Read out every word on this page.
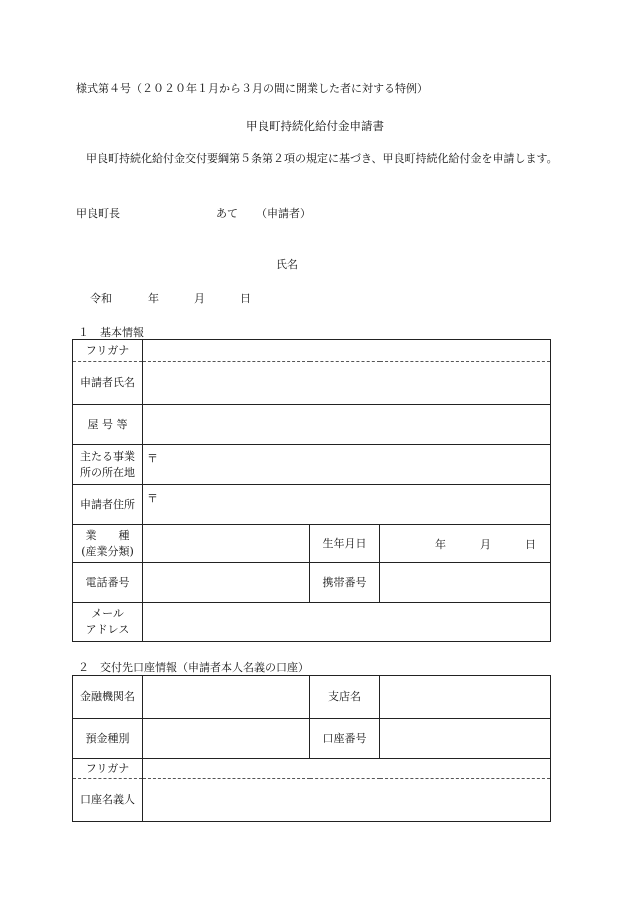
様式第４号（２０２０年１月から３月の間に開業した者に対する特例）
甲良町持続化給付金申請書
甲良町持続化給付金交付要綱第５条第２項の規定に基づき、甲良町持続化給付金を申請します。
甲良町長	あて （申請者）
氏名
令和	年	月	日
１　基本情報
フリガナ			
申請者氏名			
屋 号 等			
主たる事業
所の所在地	〒		

申請者住所	〒		

業　　種
(産業分類)		生年月日	年 月 日

電話番号		携帯番号	
メール
アドレス			
２　交付先口座情報（申請者本人名義の口座）
金融機関名		支店名	
預金種別		口座番号	
フリガナ			
口座名義人			
